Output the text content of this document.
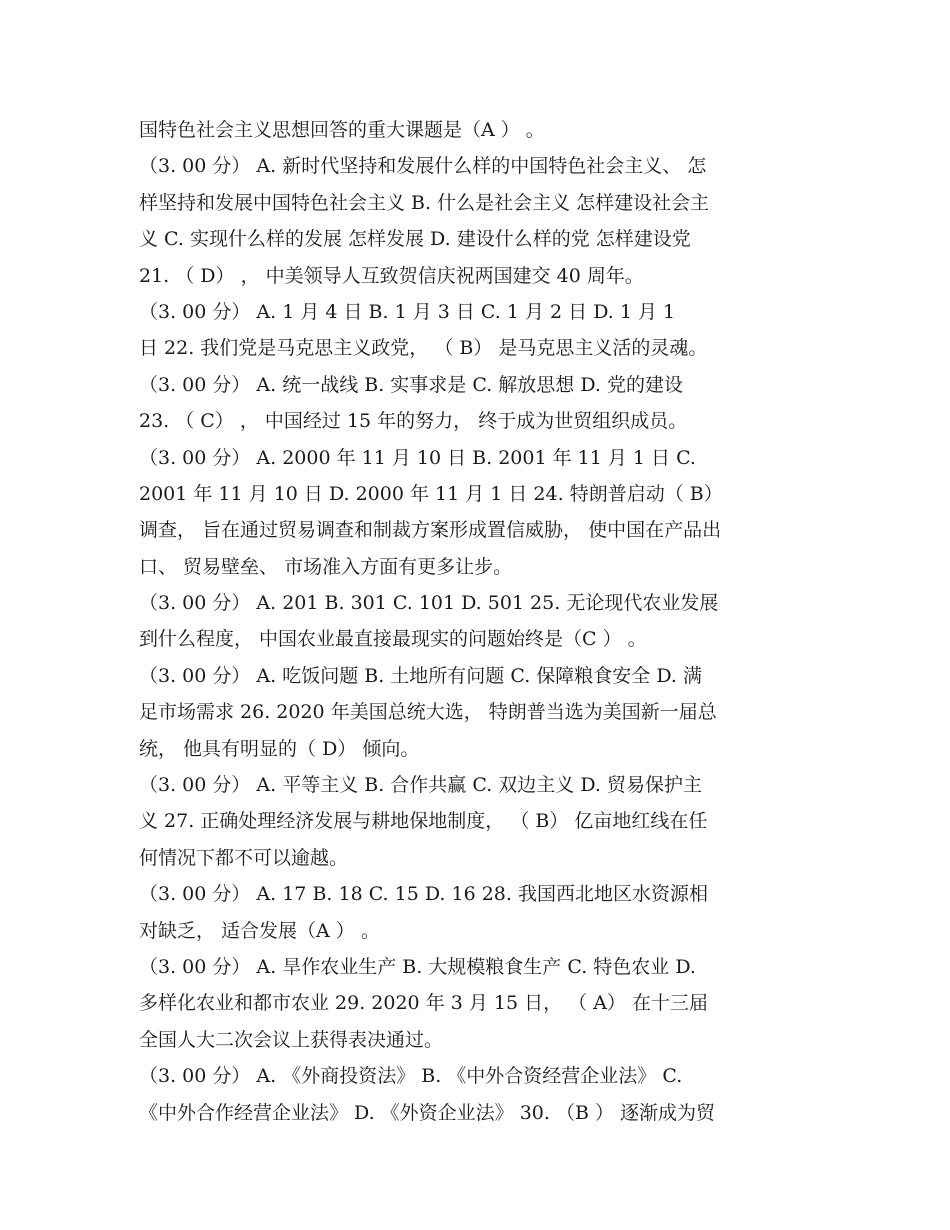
国特色社会主义思想回答的重大课题是（A ） 。
（3. 00 分） A. 新时代坚持和发展什么样的中国特色社会主义、 怎
样坚持和发展中国特色社会主义 B. 什么是社会主义 怎样建设社会主
义 C. 实现什么样的发展 怎样发展 D. 建设什么样的党 怎样建设党
21. （ D） ， 中美领导人互致贺信庆祝两国建交 40 周年。
（3. 00 分） A. 1 月 4 日 B. 1 月 3 日 C. 1 月 2 日 D. 1 月 1
日 22. 我们党是马克思主义政党， （ B） 是马克思主义活的灵魂。
（3. 00 分） A. 统一战线 B. 实事求是 C. 解放思想 D. 党的建设
23. （ C） ， 中国经过 15 年的努力， 终于成为世贸组织成员。
（3. 00 分） A. 2000 年 11 月 10 日 B. 2001 年 11 月 1 日 C.
2001 年 11 月 10 日 D. 2000 年 11 月 1 日 24. 特朗普启动（ B）
调查， 旨在通过贸易调查和制裁方案形成置信威胁， 使中国在产品出
口、 贸易壁垒、 市场准入方面有更多让步。
（3. 00 分） A. 201 B. 301 C. 101 D. 501 25. 无论现代农业发展
到什么程度， 中国农业最直接最现实的问题始终是（C ） 。
（3. 00 分） A. 吃饭问题 B. 土地所有问题 C. 保障粮食安全 D. 满
足市场需求 26. 2020 年美国总统大选， 特朗普当选为美国新一届总
统， 他具有明显的（ D） 倾向。
（3. 00 分） A. 平等主义 B. 合作共赢 C. 双边主义 D. 贸易保护主
义 27. 正确处理经济发展与耕地保地制度， （ B） 亿亩地红线在任
何情况下都不可以逾越。
（3. 00 分） A. 17 B. 18 C. 15 D. 16 28. 我国西北地区水资源相
对缺乏， 适合发展（A ） 。
（3. 00 分） A. 旱作农业生产 B. 大规模粮食生产 C. 特色农业 D.
多样化农业和都市农业 29. 2020 年 3 月 15 日， （ A） 在十三届
全国人大二次会议上获得表决通过。
（3. 00 分） A. 《外商投资法》 B. 《中外合资经营企业法》 C.
《中外合作经营企业法》 D. 《外资企业法》 30. （B ） 逐渐成为贸
